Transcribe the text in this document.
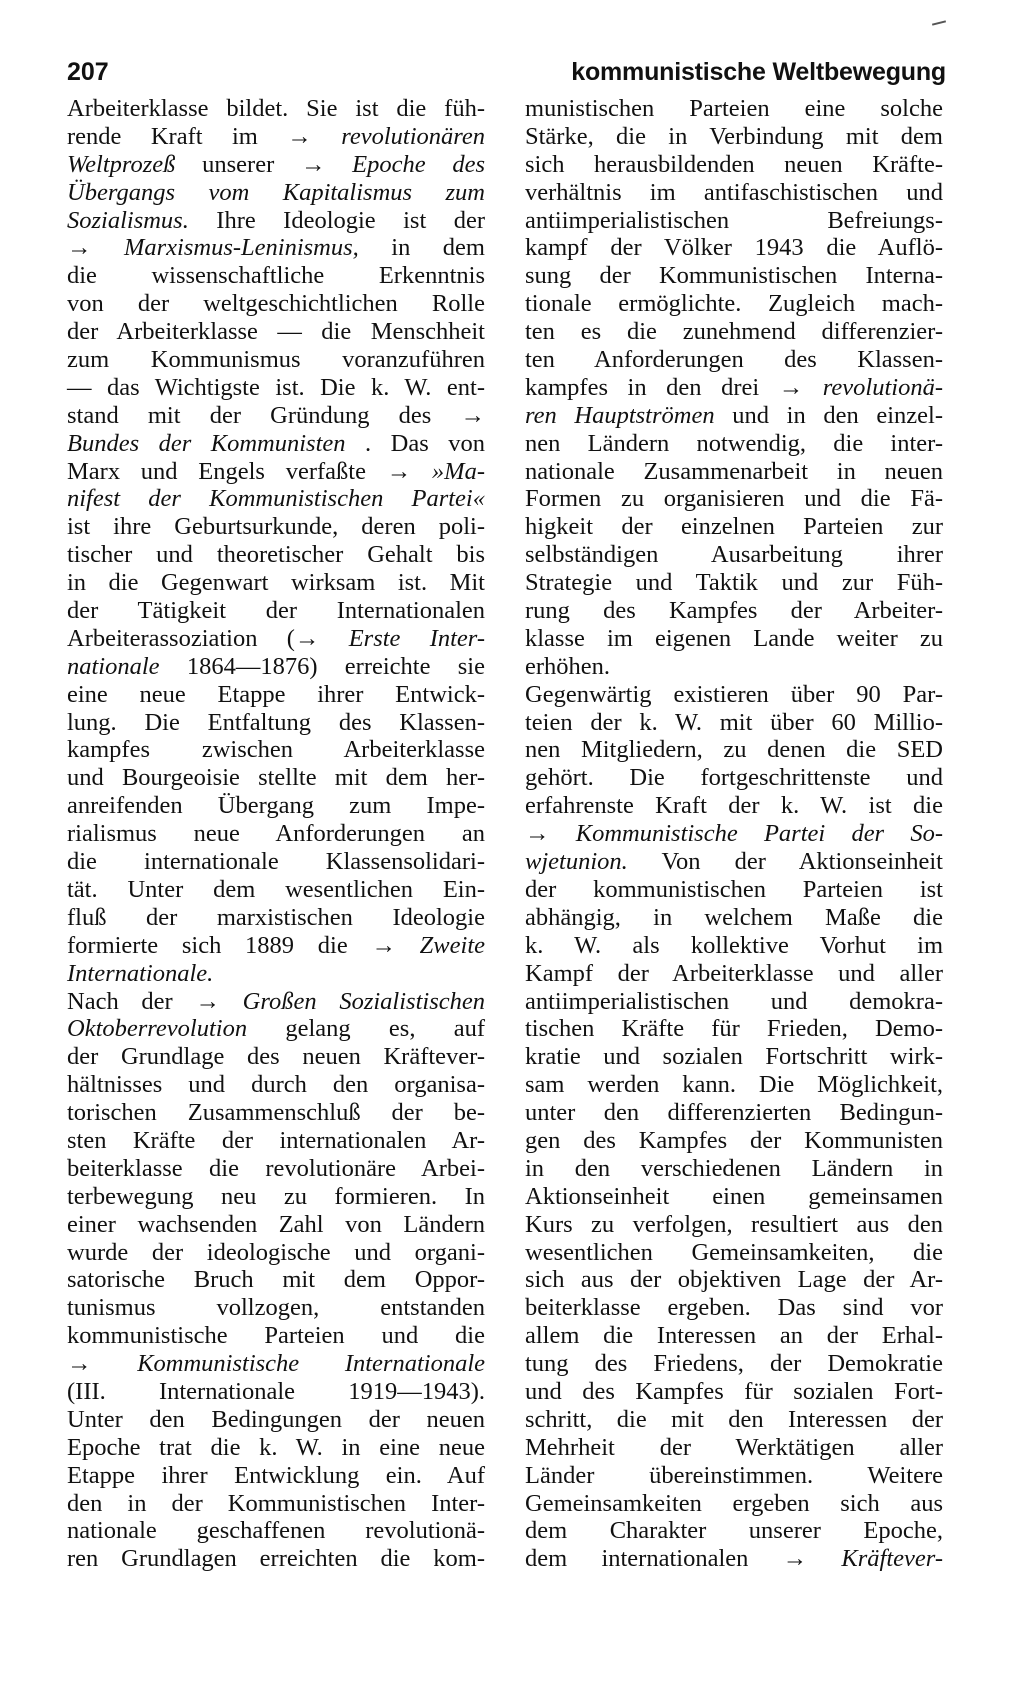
207	kommunistische Weltbewegung
Arbeiterklasse bildet. Sie ist die füh-
rende Kraft im → revolutionären
Weltprozeß unserer → Epoche des
Übergangs vom Kapitalismus zum
Sozialismus. Ihre Ideologie ist der
→ Marxismus-Leninismus, in dem
die wissenschaftliche Erkenntnis
von der weltgeschichtlichen Rolle
der Arbeiterklasse — die Menschheit
zum Kommunismus voranzuführen
— das Wichtigste ist. Die k. W. ent-
stand mit der Gründung des →
Bundes der Kommunisten . Das von
Marx und Engels verfaßte → »Ma-
nifest der Kommunistischen Partei«
ist ihre Geburtsurkunde, deren poli-
tischer und theoretischer Gehalt bis
in die Gegenwart wirksam ist. Mit
der Tätigkeit der Internationalen
Arbeiterassoziation (→ Erste Inter-
nationale 1864—1876) erreichte sie
eine neue Etappe ihrer Entwick-
lung. Die Entfaltung des Klassen-
kampfes zwischen Arbeiterklasse
und Bourgeoisie stellte mit dem her-
anreifenden Übergang zum Impe-
rialismus neue Anforderungen an
die internationale Klassensolidari-
tät. Unter dem wesentlichen Ein-
fluß der marxistischen Ideologie
formierte sich 1889 die → Zweite
Internationale.
Nach der → Großen Sozialistischen
Oktoberrevolution gelang es, auf
der Grundlage des neuen Kräftever-
hältnisses und durch den organisa-
torischen Zusammenschluß der be-
sten Kräfte der internationalen Ar-
beiterklasse die revolutionäre Arbei-
terbewegung neu zu formieren. In
einer wachsenden Zahl von Ländern
wurde der ideologische und organi-
satorische Bruch mit dem Oppor-
tunismus vollzogen, entstanden
kommunistische Parteien und die
→ Kommunistische Internationale
(III. Internationale 1919—1943).
Unter den Bedingungen der neuen
Epoche trat die k. W. in eine neue
Etappe ihrer Entwicklung ein. Auf
den in der Kommunistischen Inter-
nationale geschaffenen revolutionä-
ren Grundlagen erreichten die kom-
munistischen Parteien eine solche
Stärke, die in Verbindung mit dem
sich herausbildenden neuen Kräfte-
verhältnis im antifaschistischen und
antiimperialistischen Befreiungs-
kampf der Völker 1943 die Auflö-
sung der Kommunistischen Interna-
tionale ermöglichte. Zugleich mach-
ten es die zunehmend differenzier-
ten Anforderungen des Klassen-
kampfes in den drei → revolutionä-
ren Hauptströmen und in den einzel-
nen Ländern notwendig, die inter-
nationale Zusammenarbeit in neuen
Formen zu organisieren und die Fä-
higkeit der einzelnen Parteien zur
selbständigen Ausarbeitung ihrer
Strategie und Taktik und zur Füh-
rung des Kampfes der Arbeiter-
klasse im eigenen Lande weiter zu
erhöhen.
Gegenwärtig existieren über 90 Par-
teien der k. W. mit über 60 Millio-
nen Mitgliedern, zu denen die SED
gehört. Die fortgeschrittenste und
erfahrenste Kraft der k. W. ist die
→ Kommunistische Partei der So-
wjetunion. Von der Aktionseinheit
der kommunistischen Parteien ist
abhängig, in welchem Maße die
k. W. als kollektive Vorhut im
Kampf der Arbeiterklasse und aller
antiimperialistischen und demokra-
tischen Kräfte für Frieden, Demo-
kratie und sozialen Fortschritt wirk-
sam werden kann. Die Möglichkeit,
unter den differenzierten Bedingun-
gen des Kampfes der Kommunisten
in den verschiedenen Ländern in
Aktionseinheit einen gemeinsamen
Kurs zu verfolgen, resultiert aus den
wesentlichen Gemeinsamkeiten, die
sich aus der objektiven Lage der Ar-
beiterklasse ergeben. Das sind vor
allem die Interessen an der Erhal-
tung des Friedens, der Demokratie
und des Kampfes für sozialen Fort-
schritt, die mit den Interessen der
Mehrheit der Werktätigen aller
Länder übereinstimmen. Weitere
Gemeinsamkeiten ergeben sich aus
dem Charakter unserer Epoche,
dem internationalen → Kräftever-
